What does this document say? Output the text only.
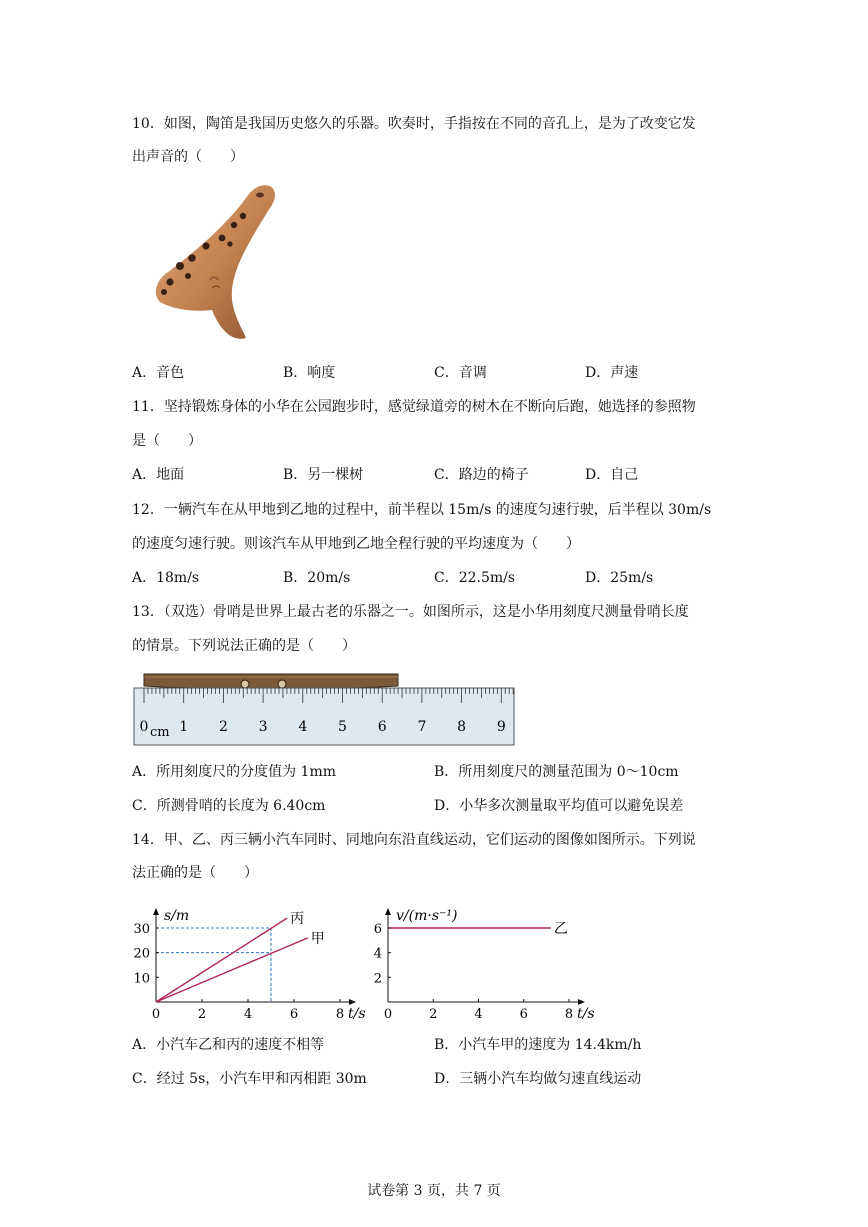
10．如图，陶笛是我国历史悠久的乐器。吹奏时，手指按在不同的音孔上，是为了改变它发
出声音的（　　）
A．音色	B．响度	C．音调	D．声速
11．坚持锻炼身体的小华在公园跑步时，感觉绿道旁的树木在不断向后跑，她选择的参照物
是（　　）
A．地面	B．另一棵树	C．路边的椅子	D．自己
12．一辆汽车在从甲地到乙地的过程中，前半程以 15m/s 的速度匀速行驶，后半程以 30m/s
的速度匀速行驶。则该汽车从甲地到乙地全程行驶的平均速度为（　　）
A．18m/s	B．20m/s	C．22.5m/s	D．25m/s
13．（双选）骨哨是世界上最古老的乐器之一。如图所示，这是小华用刻度尺测量骨哨长度
的情景。下列说法正确的是（　　）
0 1 2 3 4 5 6 7 8 9
cm
A．所用刻度尺的分度值为 1mm	B．所用刻度尺的测量范围为 0～10cm
C．所测骨哨的长度为 6.40cm	D．小华多次测量取平均值可以避免误差
14．甲、乙、丙三辆小汽车同时、同地向东沿直线运动，它们运动的图像如图所示。下列说
法正确的是（　　）
丙
甲
0	2	4	6	8
10
20
30
t/s
s/m
乙
0	2	4	6	8
2
4
6
t/s
v/(m·s⁻¹)
A．小汽车乙和丙的速度不相等	B．小汽车甲的速度为 14.4km/h
C．经过 5s，小汽车甲和丙相距 30m	D．三辆小汽车均做匀速直线运动
试卷第 3 页，共 7 页
